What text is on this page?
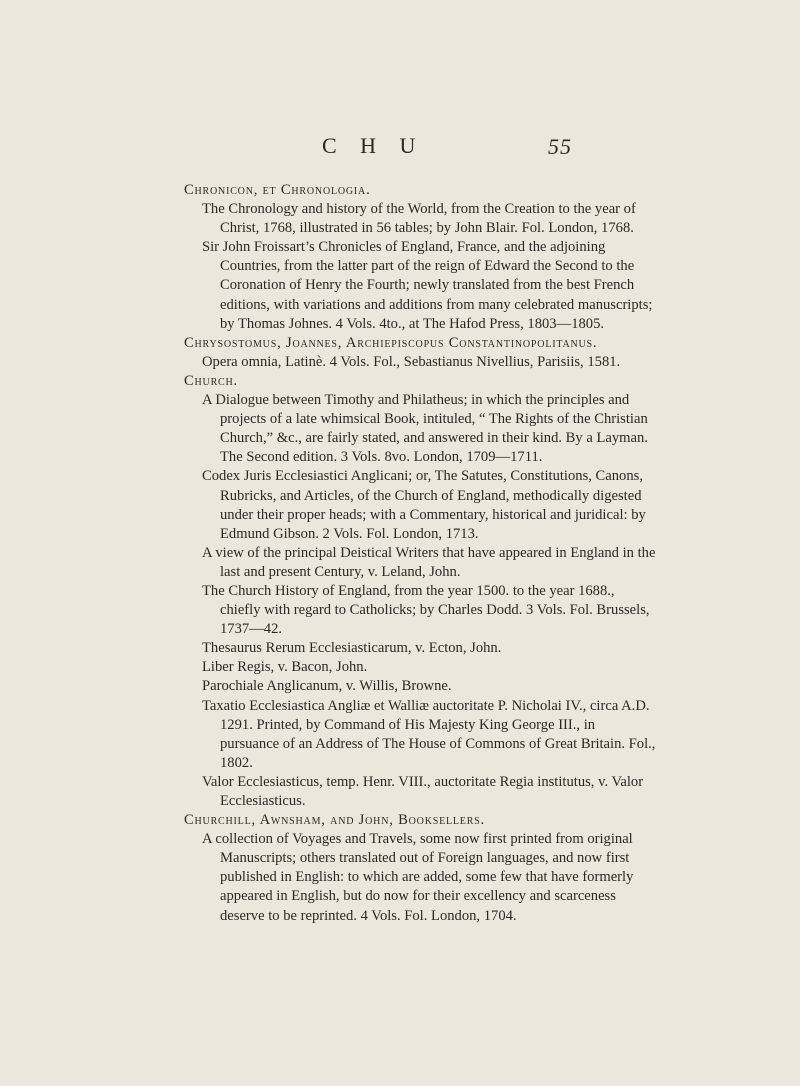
C H U	55

Chronicon, et Chronologia.

The Chronology and history of the World, from the Creation to the year of Christ, 1768, illustrated in 56 tables; by John Blair. Fol. London, 1768.

Sir John Froissart’s Chronicles of England, France, and the adjoining Countries, from the latter part of the reign of Edward the Second to the Coronation of Henry the Fourth; newly translated from the best French editions, with variations and additions from many celebrated manuscripts; by Thomas Johnes. 4 Vols. 4to., at The Hafod Press, 1803—1805.

Chrysostomus, Joannes, Archiepiscopus Constantinopolitanus.

Opera omnia, Latinè. 4 Vols. Fol., Sebastianus Nivellius, Parisiis, 1581.

Church.

A Dialogue between Timothy and Philatheus; in which the principles and projects of a late whimsical Book, intituled, “ The Rights of the Christian Church,” &c., are fairly stated, and answered in their kind. By a Layman. The Second edition. 3 Vols. 8vo. London, 1709—1711.

Codex Juris Ecclesiastici Anglicani; or, The Satutes, Constitutions, Canons, Rubricks, and Articles, of the Church of England, methodically digested under their proper heads; with a Commentary, historical and juridical: by Edmund Gibson. 2 Vols. Fol. London, 1713.

A view of the principal Deistical Writers that have appeared in England in the last and present Century, v. Leland, John.

The Church History of England, from the year 1500. to the year 1688., chiefly with regard to Catholicks; by Charles Dodd. 3 Vols. Fol. Brussels, 1737—42.

Thesaurus Rerum Ecclesiasticarum, v. Ecton, John.

Liber Regis, v. Bacon, John.

Parochiale Anglicanum, v. Willis, Browne.

Taxatio Ecclesiastica Angliæ et Walliæ auctoritate P. Nicholai IV., circa A.D. 1291. Printed, by Command of His Majesty King George III., in pursuance of an Address of The House of Commons of Great Britain. Fol., 1802.

Valor Ecclesiasticus, temp. Henr. VIII., auctoritate Regia institutus, v. Valor Ecclesiasticus.

Churchill, Awnsham, and John, Booksellers.

A collection of Voyages and Travels, some now first printed from original Manuscripts; others translated out of Foreign languages, and now first published in English: to which are added, some few that have formerly appeared in English, but do now for their excellency and scarceness deserve to be reprinted. 4 Vols. Fol. London, 1704.
